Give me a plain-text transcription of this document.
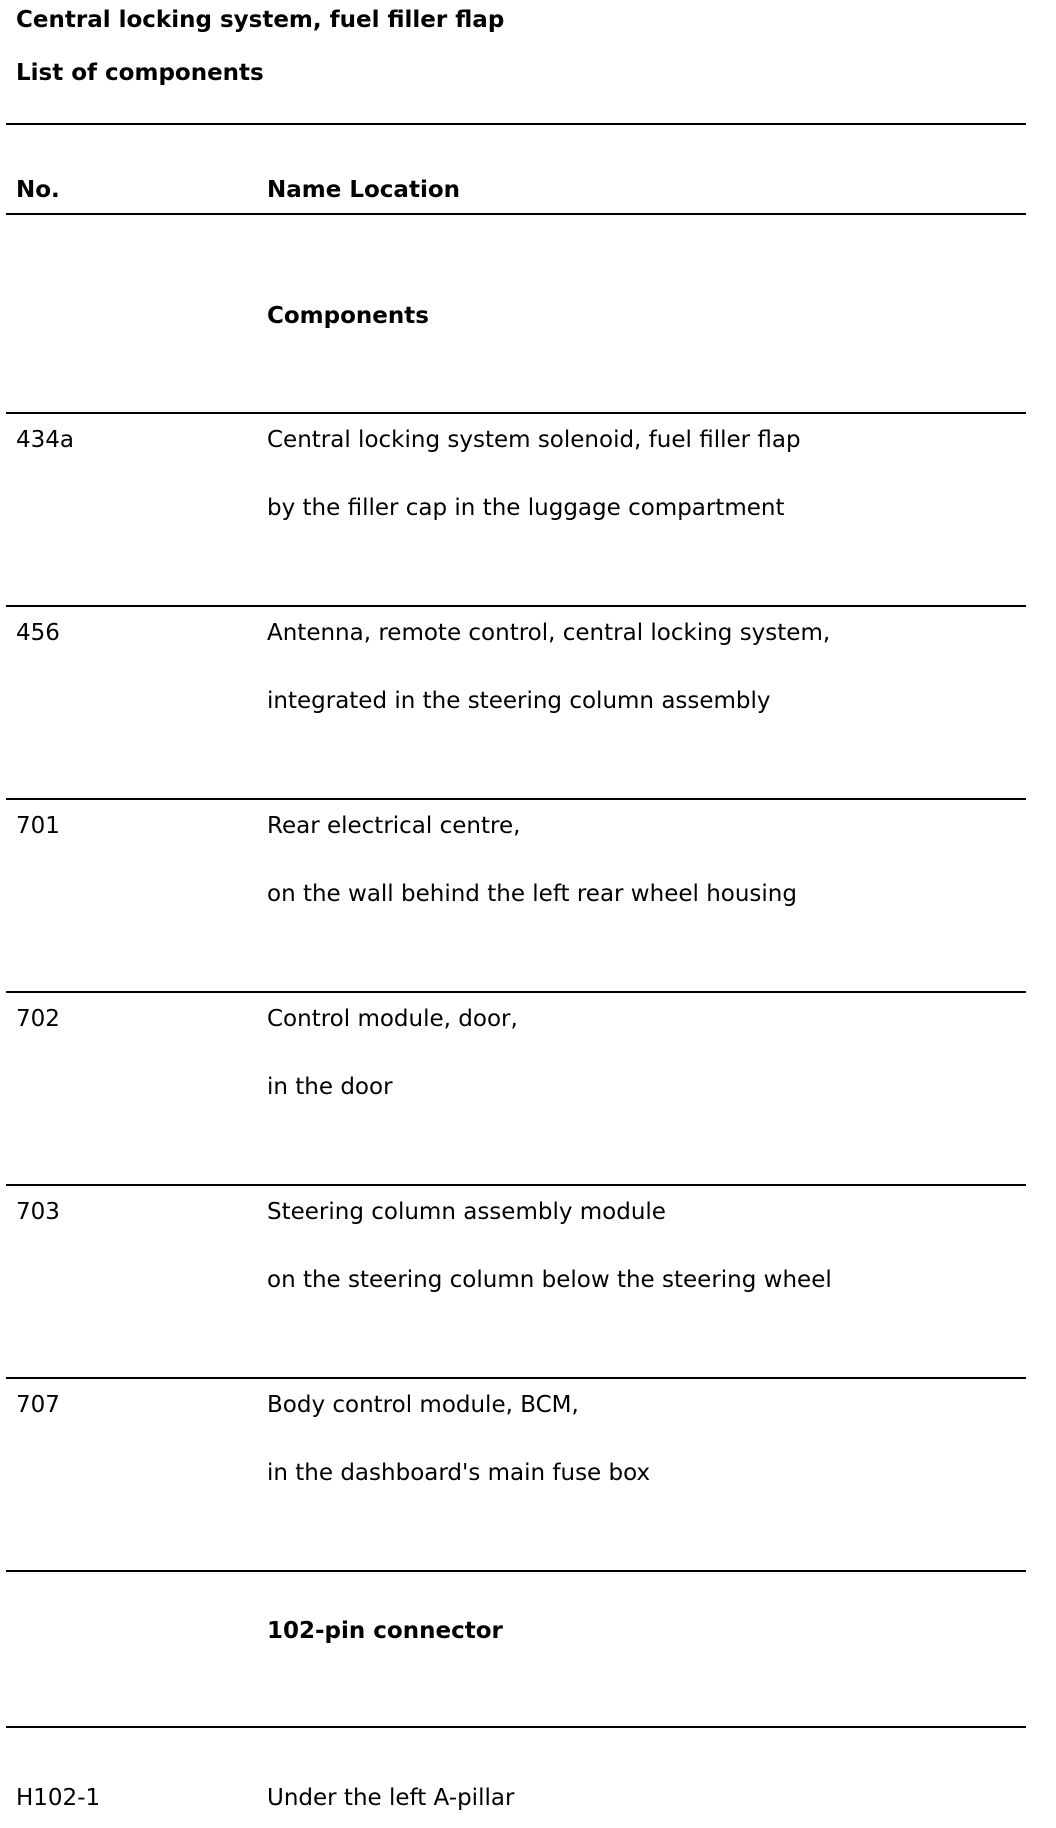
Central locking system, fuel filler flap
List of components
No.	Name Location
Components
434a	Central locking system solenoid, fuel filler flap
by the filler cap in the luggage compartment
456	Antenna, remote control, central locking system,
integrated in the steering column assembly
701	Rear electrical centre,
on the wall behind the left rear wheel housing
702	Control module, door,
in the door
703	Steering column assembly module
on the steering column below the steering wheel
707	Body control module, BCM,
in the dashboard's main fuse box
102-pin connector
H102-1	Under the left A-pillar
